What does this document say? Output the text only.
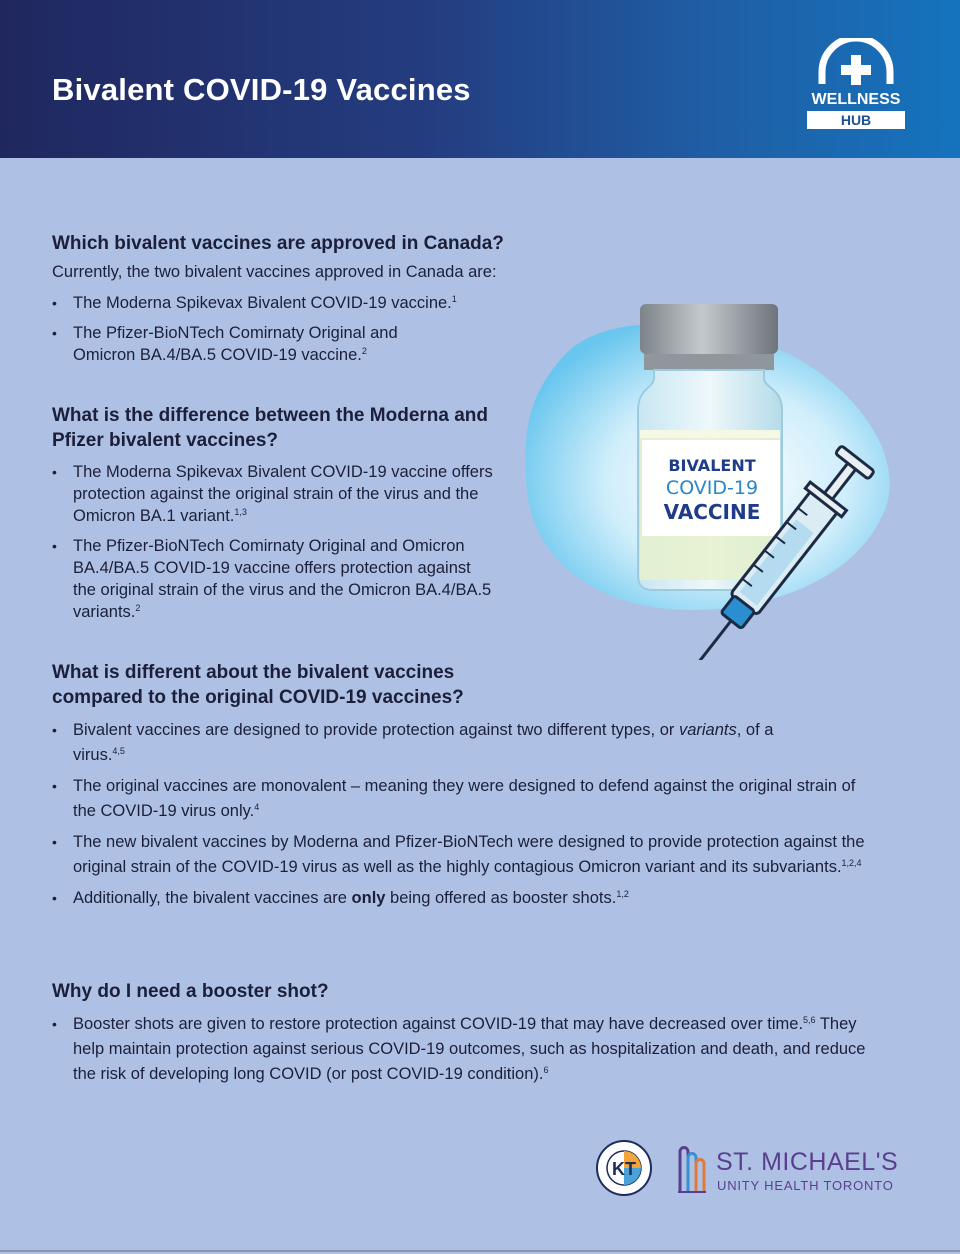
Bivalent COVID-19 Vaccines	WELLNESS
HUB
Which bivalent vaccines are approved in Canada?

Currently, the two bivalent vaccines approved in Canada are:

• The Moderna Spikevax Bivalent COVID-19 vaccine.$^1$
• The Pfizer-BioNTech Comirnaty Original and Omicron BA.4/BA.5 COVID-19 vaccine.$^2$
What is the difference between the Moderna and Pfizer bivalent vaccines?
• The Moderna Spikevax Bivalent COVID-19 vaccine offers protection against the original strain of the virus and the Omicron BA.1 variant.$^{1,3}$
• The Pfizer-BioNTech Comirnaty Original and Omicron BA.4/BA.5 COVID-19 vaccine offers protection against the original strain of the virus and the Omicron BA.4/BA.5 variants.$^2$
BIVALENT
COVID-19
VACCINE
What is different about the bivalent vaccines compared to the original COVID-19 vaccines?
• Bivalent vaccines are designed to provide protection against two different types, or variants, of a virus.$^{4,5}$
• The original vaccines are monovalent – meaning they were designed to defend against the original strain of the COVID-19 virus only.$^4$
• The new bivalent vaccines by Moderna and Pfizer-BioNTech were designed to provide protection against the original strain of the COVID-19 virus as well as the highly contagious Omicron variant and its subvariants.$^{1,2,4}$
• Additionally, the bivalent vaccines are only being offered as booster shots.$^{1,2}$
Why do I need a booster shot?
• Booster shots are given to restore protection against COVID-19 that may have decreased over time.$^{5,6}$ They help maintain protection against serious COVID-19 outcomes, such as hospitalization and death, and reduce the risk of developing long COVID (or post COVID-19 condition).$^6$
KT	ST. MICHAEL'S
UNITY HEALTH TORONTO
